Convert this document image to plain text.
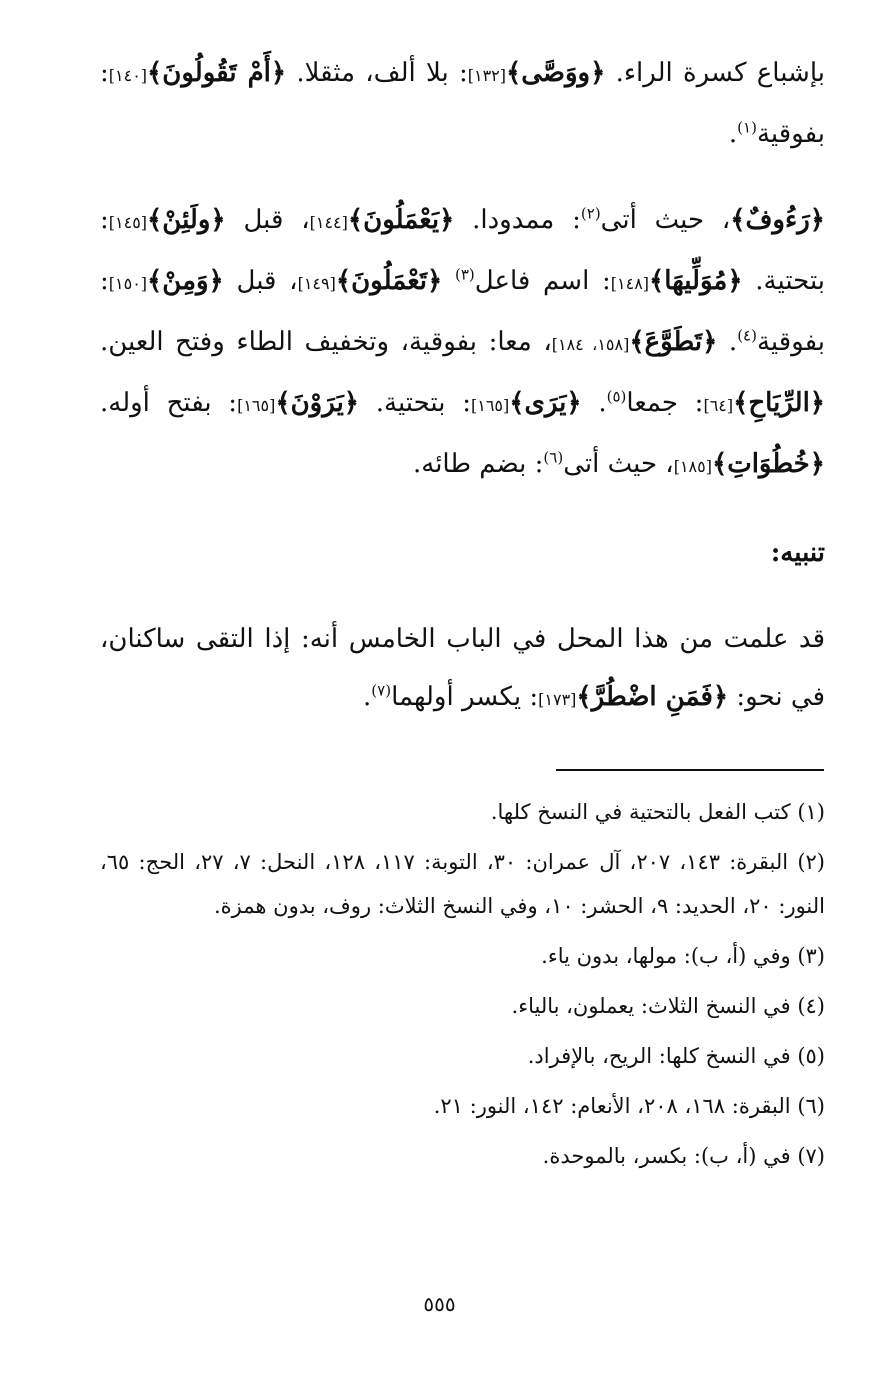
بإشباع كسرة الراء. ﴿ووَصَّى﴾[١٣٢]: بلا ألف، مثقلا. ﴿أَمْ تَقُولُونَ﴾[١٤٠]: بفوقية$^{(١)}$.

﴿رَءُوفٌ﴾، حيث أتى$^{(٢)}$: ممدودا. ﴿يَعْمَلُونَ﴾[١٤٤]، قبل ﴿ولَئِنْ﴾[١٤٥]: بتحتية. ﴿مُوَلِّيهَا﴾[١٤٨]: اسم فاعل$^{(٣)}$ ﴿تَعْمَلُونَ﴾[١٤٩]، قبل ﴿وَمِنْ﴾[١٥٠]: بفوقية$^{(٤)}$. ﴿تَطَوَّعَ﴾[١٥٨، ١٨٤]، معا: بفوقية، وتخفيف الطاء وفتح العين. ﴿الرِّيَاحِ﴾[٦٤]: جمعا$^{(٥)}$. ﴿يَرَى﴾[١٦٥]: بتحتية. ﴿يَرَوْنَ﴾[١٦٥]: بفتح أوله. ﴿خُطُوَاتِ﴾[١٨٥]، حيث أتى$^{(٦)}$: بضم طائه.

تنبيه:

قد علمت من هذا المحل في الباب الخامس أنه: إذا التقى ساكنان، في نحو: ﴿فَمَنِ اضْطُرَّ﴾[١٧٣]: يكسر أولهما$^{(٧)}$.

(١) كتب الفعل بالتحتية في النسخ كلها.

(٢) البقرة: ١٤٣، ٢٠٧، آل عمران: ٣٠، التوبة: ١١٧، ١٢٨، النحل: ٧، ٢٧، الحج: ٦٥، النور: ٢٠، الحديد: ٩، الحشر: ١٠، وفي النسخ الثلاث: روف، بدون همزة.

(٣) وفي (أ، ب): مولها، بدون ياء.

(٤) في النسخ الثلاث: يعملون، بالياء.

(٥) في النسخ كلها: الريح، بالإفراد.

(٦) البقرة: ١٦٨، ٢٠٨، الأنعام: ١٤٢، النور: ٢١.

(٧) في (أ، ب): بكسر، بالموحدة.

٥٥٥
